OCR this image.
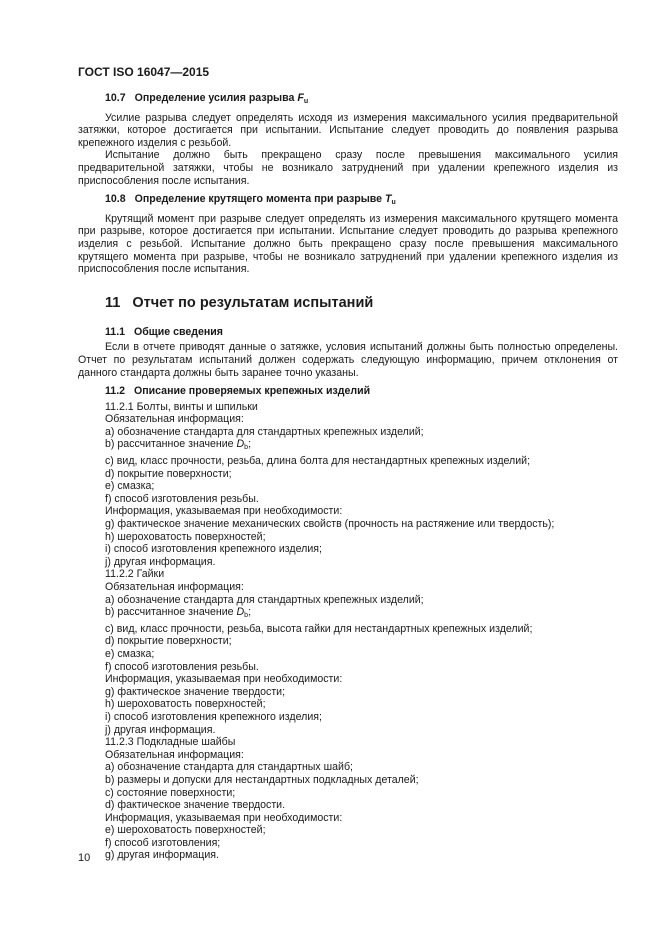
ГОСТ ISO 16047—2015
10.7 Определение усилия разрыва Fu

Усилие разрыва следует определять исходя из измерения максимального усилия предварительной затяжки, которое достигается при испытании. Испытание следует проводить до появления разрыва крепежного изделия с резьбой.

Испытание должно быть прекращено сразу после превышения максимального усилия предварительной затяжки, чтобы не возникало затруднений при удалении крепежного изделия из приспособления после испытания.

10.8 Определение крутящего момента при разрыве Tu

Крутящий момент при разрыве следует определять из измерения максимального крутящего момента при разрыве, которое достигается при испытании. Испытание следует проводить до разрыва крепежного изделия с резьбой. Испытание должно быть прекращено сразу после превышения максимального крутящего момента при разрыве, чтобы не возникало затруднений при удалении крепежного изделия из приспособления после испытания.

11 Отчет по результатам испытаний
11.1 Общие сведения

Если в отчете приводят данные о затяжке, условия испытаний должны быть полностью определены. Отчет по результатам испытаний должен содержать следующую информацию, причем отклонения от данного стандарта должны быть заранее точно указаны.

11.2 Описание проверяемых крепежных изделий
11.2.1 Болты, винты и шпильки
Обязательная информация:
a) обозначение стандарта для стандартных крепежных изделий;
b) рассчитанное значение Db;
c) вид, класс прочности, резьба, длина болта для нестандартных крепежных изделий;
d) покрытие поверхности;
e) смазка;
f) способ изготовления резьбы.
Информация, указываемая при необходимости:
g) фактическое значение механических свойств (прочность на растяжение или твердость);
h) шероховатость поверхностей;
i) способ изготовления крепежного изделия;
j) другая информация.
11.2.2 Гайки
Обязательная информация:
a) обозначение стандарта для стандартных крепежных изделий;
b) рассчитанное значение Db;
c) вид, класс прочности, резьба, высота гайки для нестандартных крепежных изделий;
d) покрытие поверхности;
e) смазка;
f) способ изготовления резьбы.
Информация, указываемая при необходимости:
g) фактическое значение твердости;
h) шероховатость поверхностей;
i) способ изготовления крепежного изделия;
j) другая информация.
11.2.3 Подкладные шайбы
Обязательная информация:
a) обозначение стандарта для стандартных шайб;
b) размеры и допуски для нестандартных подкладных деталей;
c) состояние поверхности;
d) фактическое значение твердости.
Информация, указываемая при необходимости:
e) шероховатость поверхностей;
f) способ изготовления;
g) другая информация.
10
